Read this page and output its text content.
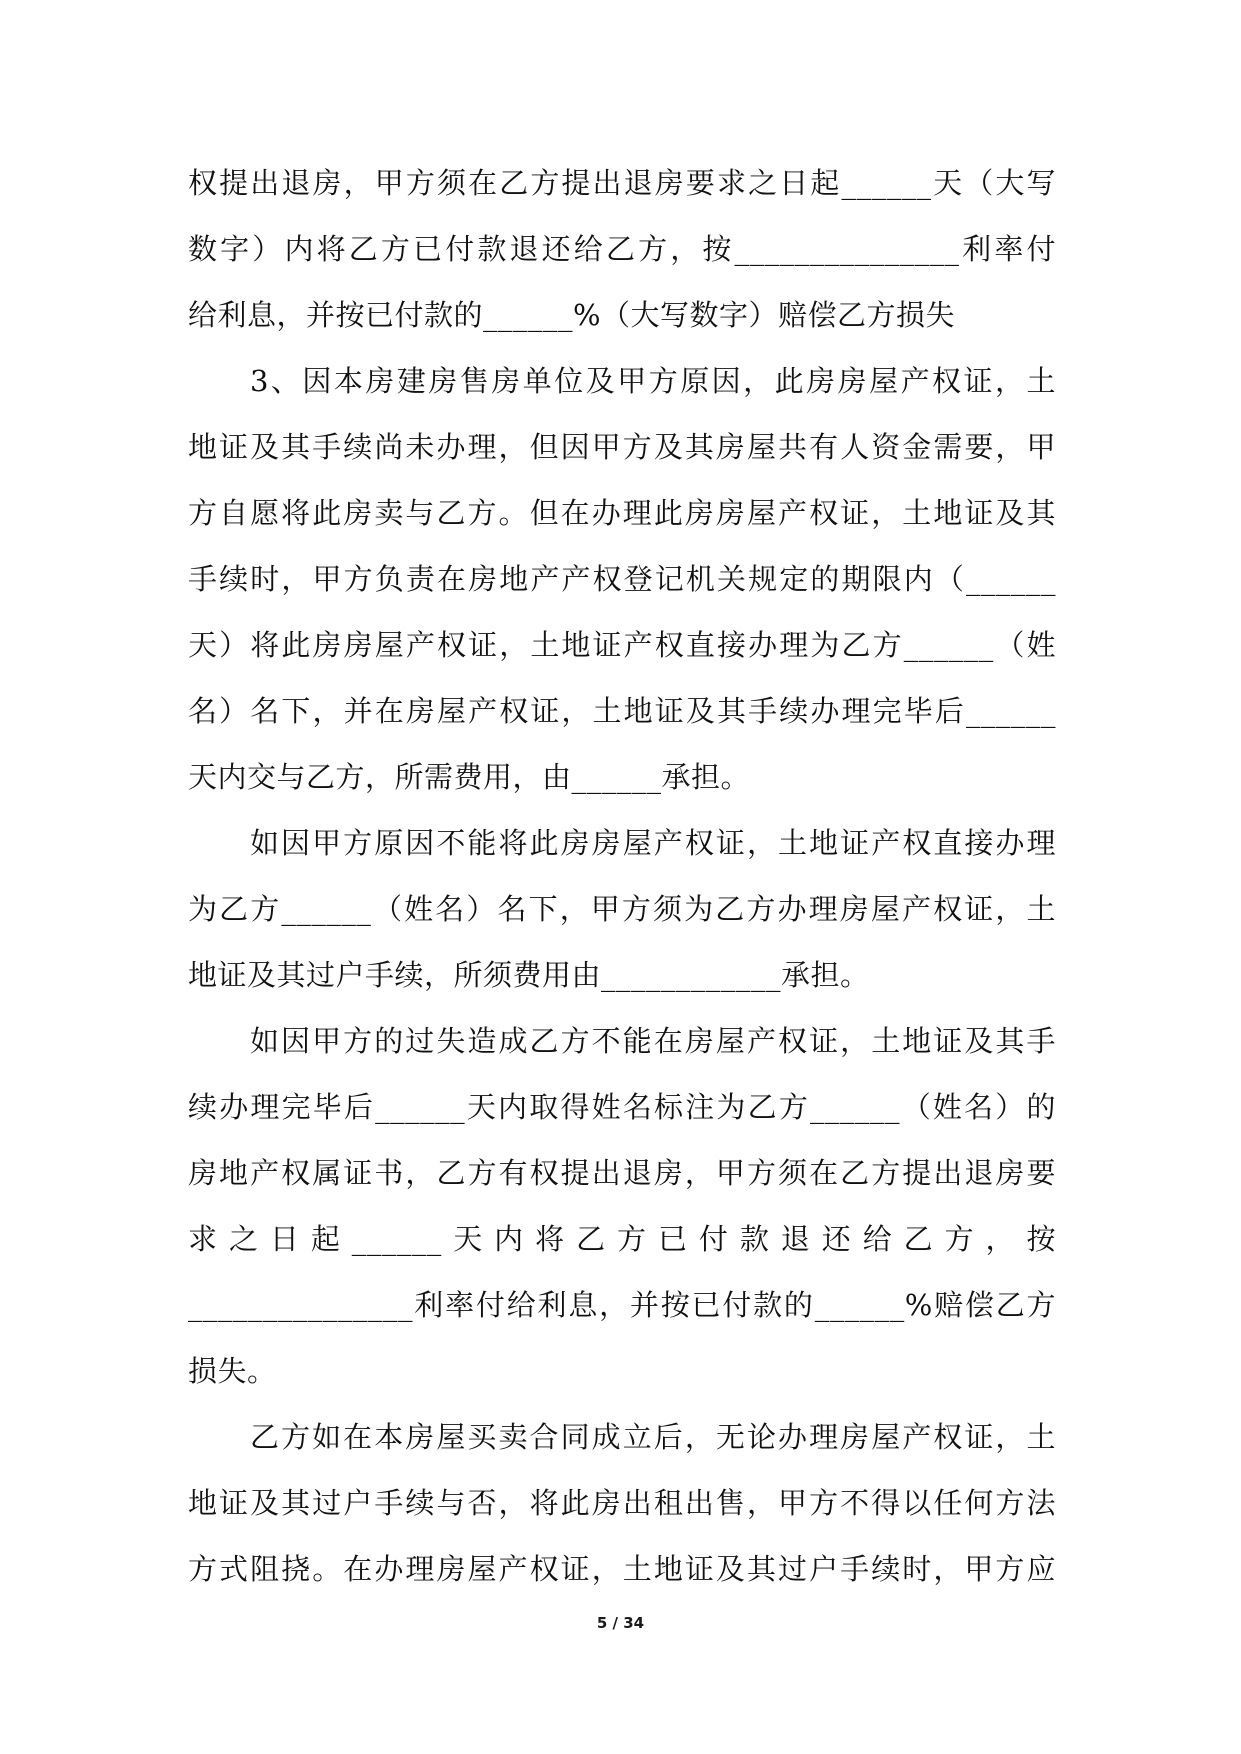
权提出退房，甲方须在乙方提出退房要求之日起______天（大写
数字）内将乙方已付款退还给乙方，按_______________利率付
给利息，并按已付款的______%（大写数字）赔偿乙方损失
3、因本房建房售房单位及甲方原因，此房房屋产权证，土
地证及其手续尚未办理，但因甲方及其房屋共有人资金需要，甲
方自愿将此房卖与乙方。但在办理此房房屋产权证，土地证及其
手续时，甲方负责在房地产产权登记机关规定的期限内（______
天）将此房房屋产权证，土地证产权直接办理为乙方______（姓
名）名下，并在房屋产权证，土地证及其手续办理完毕后______
天内交与乙方，所需费用，由______承担。
如因甲方原因不能将此房房屋产权证，土地证产权直接办理
为乙方______（姓名）名下，甲方须为乙方办理房屋产权证，土
地证及其过户手续，所须费用由____________承担。
如因甲方的过失造成乙方不能在房屋产权证，土地证及其手
续办理完毕后______天内取得姓名标注为乙方______（姓名）的
房地产权属证书，乙方有权提出退房，甲方须在乙方提出退房要
求之日起______天内将乙方已付款退还给乙方，按
_______________利率付给利息，并按已付款的______%赔偿乙方
损失。
乙方如在本房屋买卖合同成立后，无论办理房屋产权证，土
地证及其过户手续与否，将此房出租出售，甲方不得以任何方法
方式阻挠。在办理房屋产权证，土地证及其过户手续时，甲方应
5 / 34
